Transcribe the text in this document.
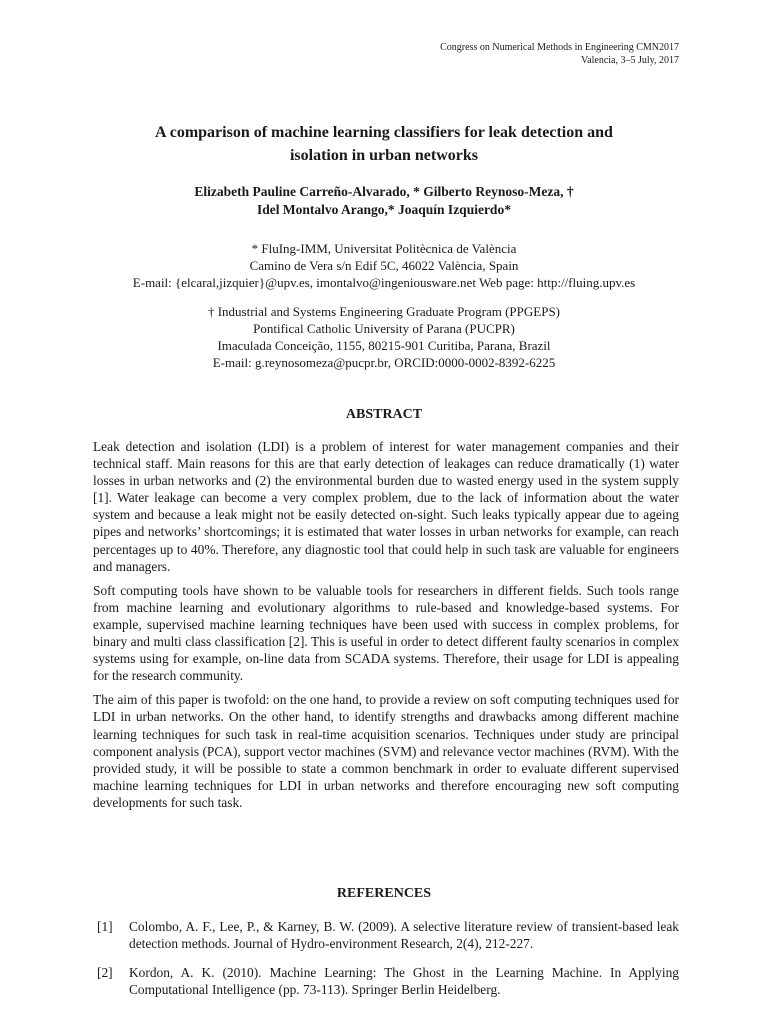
Congress on Numerical Methods in Engineering CMN2017
Valencia, 3–5 July, 2017
A comparison of machine learning classifiers for leak detection and
isolation in urban networks
Elizabeth Pauline Carreño-Alvarado, * Gilberto Reynoso-Meza, †
Idel Montalvo Arango,* Joaquín Izquierdo*
* FluIng-IMM, Universitat Politècnica de València
Camino de Vera s/n Edif 5C, 46022 València, Spain
E-mail: {elcaral,jizquier}@upv.es, imontalvo@ingeniousware.net Web page: http://fluing.upv.es
† Industrial and Systems Engineering Graduate Program (PPGEPS)
Pontifical Catholic University of Parana (PUCPR)
Imaculada Conceição, 1155, 80215-901 Curitiba, Parana, Brazil
E-mail: g.reynosomeza@pucpr.br, ORCID:0000-0002-8392-6225
ABSTRACT

Leak detection and isolation (LDI) is a problem of interest for water management companies and their technical staff. Main reasons for this are that early detection of leakages can reduce dramatically (1) water losses in urban networks and (2) the environmental burden due to wasted energy used in the system supply [1]. Water leakage can become a very complex problem, due to the lack of information about the water system and because a leak might not be easily detected on-sight. Such leaks typically appear due to ageing pipes and networks’ shortcomings; it is estimated that water losses in urban networks for example, can reach percentages up to 40%. Therefore, any diagnostic tool that could help in such task are valuable for engineers and managers.

Soft computing tools have shown to be valuable tools for researchers in different fields. Such tools range from machine learning and evolutionary algorithms to rule-based and knowledge-based systems. For example, supervised machine learning techniques have been used with success in complex problems, for binary and multi class classification [2]. This is useful in order to detect different faulty scenarios in complex systems using for example, on-line data from SCADA systems. Therefore, their usage for LDI is appealing for the research community.

The aim of this paper is twofold: on the one hand, to provide a review on soft computing techniques used for LDI in urban networks. On the other hand, to identify strengths and drawbacks among different machine learning techniques for such task in real-time acquisition scenarios. Techniques under study are principal component analysis (PCA), support vector machines (SVM) and relevance vector machines (RVM). With the provided study, it will be possible to state a common benchmark in order to evaluate different supervised machine learning techniques for LDI in urban networks and therefore encouraging new soft computing developments for such task.

REFERENCES
[1]	Colombo, A. F., Lee, P., & Karney, B. W. (2009). A selective literature review of transient-based leak detection methods. Journal of Hydro-environment Research, 2(4), 212-227.
[2]	Kordon, A. K. (2010). Machine Learning: The Ghost in the Learning Machine. In Applying Computational Intelligence (pp. 73-113). Springer Berlin Heidelberg.
